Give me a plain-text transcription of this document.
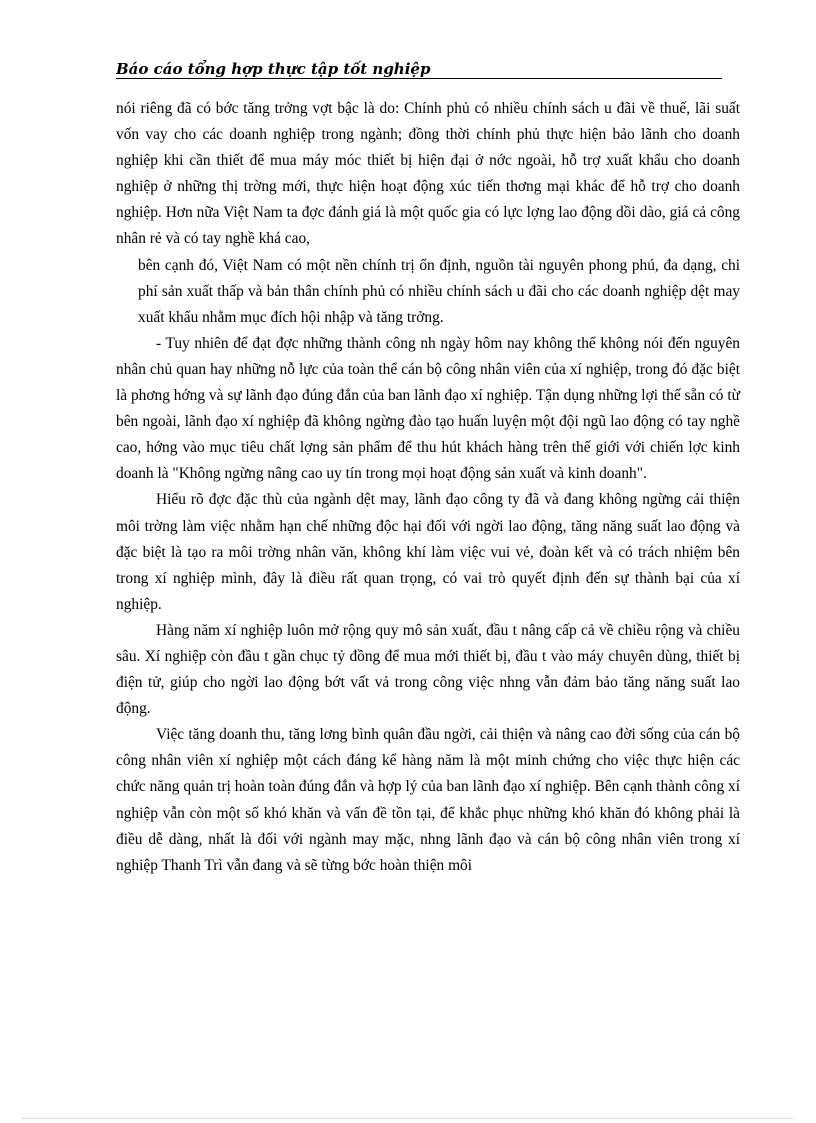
Báo cáo tổng hợp thực tập tốt nghiệp

nói riêng đã có bớc tăng trởng vợt bậc là do: Chính phủ có nhiều chính sách u đãi về thuế, lãi suất vốn vay cho các doanh nghiệp trong ngành; đồng thời chính phủ thực hiện bảo lãnh cho doanh nghiệp khi cần thiết để mua máy móc thiết bị hiện đại ở nớc ngoài, hỗ trợ xuất khẩu cho doanh nghiệp ở những thị trờng mới, thực hiện hoạt động xúc tiến thơng mại khác để hỗ trợ cho doanh nghiệp. Hơn nữa Việt Nam ta đợc đánh giá là một quốc gia có lực lợng lao động dồi dào, giá cả công nhân rẻ và có tay nghề khá cao,

bên cạnh đó, Việt Nam có một nền chính trị ổn định, nguồn tài nguyên phong phú, đa dạng, chi phí sản xuất thấp và bản thân chính phủ có nhiều chính sách u đãi cho các doanh nghiệp dệt may xuất khẩu nhằm mục đích hội nhập và tăng trởng.

- Tuy nhiên để đạt đợc những thành công nh ngày hôm nay không thể không nói đến nguyên nhân chủ quan hay những nỗ lực của toàn thể cán bộ công nhân viên của xí nghiệp, trong đó đặc biệt là phơng hớng và sự lãnh đạo đúng đắn của ban lãnh đạo xí nghiệp. Tận dụng những lợi thế sẵn có từ bên ngoài, lãnh đạo xí nghiệp đã không ngừng đào tạo huấn luyện một đội ngũ lao động có tay nghề cao, hớng vào mục tiêu chất lợng sản phẩm để thu hút khách hàng trên thế giới với chiến lợc kinh doanh là "Không ngừng nâng cao uy tín trong mọi hoạt động sản xuất và kinh doanh".

Hiểu rõ đợc đặc thù của ngành dệt may, lãnh đạo công ty đã và đang không ngừng cải thiện môi trờng làm việc nhằm hạn chế những độc hại đối với ngời lao động, tăng năng suất lao động và đặc biệt là tạo ra môi trờng nhân văn, không khí làm việc vui vẻ, đoàn kết và có trách nhiệm bên trong xí nghiệp mình, đây là điều rất quan trọng, có vai trò quyết định đến sự thành bại của xí nghiệp.

Hàng năm xí nghiệp luôn mở rộng quy mô sản xuất, đầu t nâng cấp cả về chiều rộng và chiều sâu. Xí nghiệp còn đầu t gần chục tỷ đồng để mua mới thiết bị, đầu t vào máy chuyên dùng, thiết bị điện tử, giúp cho ngời lao động bớt vất vả trong công việc nhng vẫn đảm bảo tăng năng suất lao động.

Việc tăng doanh thu, tăng lơng bình quân đầu ngời, cải thiện và nâng cao đời sống của cán bộ công nhân viên xí nghiệp một cách đáng kể hàng năm là một minh chứng cho việc thực hiện các chức năng quản trị hoàn toàn đúng đắn và hợp lý của ban lãnh đạo xí nghiệp. Bên cạnh thành công xí nghiệp vẫn còn một số khó khăn và vấn đề tồn tại, để khắc phục những khó khăn đó không phải là điều dễ dàng, nhất là đối với ngành may mặc, nhng lãnh đạo và cán bộ công nhân viên trong xí nghiệp Thanh Trì vẫn đang và sẽ từng bớc hoàn thiện môi
